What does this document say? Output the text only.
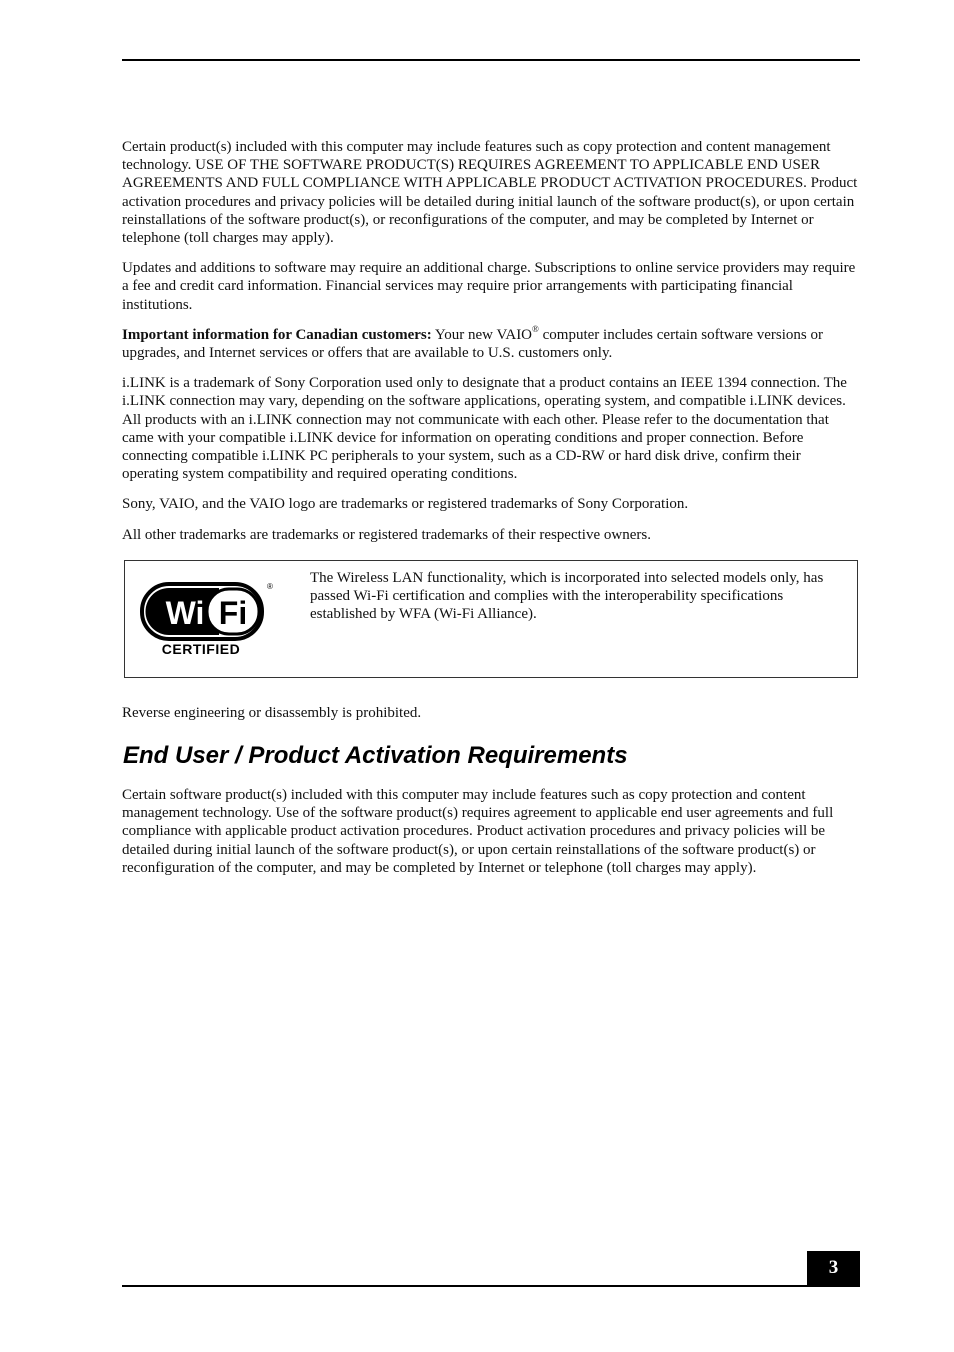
Certain product(s) included with this computer may include features such as copy protection and content management technology. USE OF THE SOFTWARE PRODUCT(S) REQUIRES AGREEMENT TO APPLICABLE END USER AGREEMENTS AND FULL COMPLIANCE WITH APPLICABLE PRODUCT ACTIVATION PROCEDURES. Product activation procedures and privacy policies will be detailed during initial launch of the software product(s), or upon certain reinstallations of the software product(s), or reconfigurations of the computer, and may be completed by Internet or telephone (toll charges may apply).

Updates and additions to software may require an additional charge. Subscriptions to online service providers may require a fee and credit card information. Financial services may require prior arrangements with participating financial institutions.

Important information for Canadian customers: Your new VAIO® computer includes certain software versions or upgrades, and Internet services or offers that are available to U.S. customers only.

i.LINK is a trademark of Sony Corporation used only to designate that a product contains an IEEE 1394 connection. The i.LINK connection may vary, depending on the software applications, operating system, and compatible i.LINK devices. All products with an i.LINK connection may not communicate with each other. Please refer to the documentation that came with your compatible i.LINK device for information on operating conditions and proper connection. Before connecting compatible i.LINK PC peripherals to your system, such as a CD-RW or hard disk drive, confirm their operating system compatibility and required operating conditions.

Sony, VAIO, and the VAIO logo are trademarks or registered trademarks of Sony Corporation.

All other trademarks are trademarks or registered trademarks of their respective owners.

Wi Fi
®
CERTIFIED
The Wireless LAN functionality, which is incorporated into selected models only, has passed Wi-Fi certification and complies with the interoperability specifications established by WFA (Wi-Fi Alliance).

Reverse engineering or disassembly is prohibited.

End User / Product Activation Requirements

Certain software product(s) included with this computer may include features such as copy protection and content management technology. Use of the software product(s) requires agreement to applicable end user agreements and full compliance with applicable product activation procedures. Product activation procedures and privacy policies will be detailed during initial launch of the software product(s), or upon certain reinstallations of the software product(s) or reconfiguration of the computer, and may be completed by Internet or telephone (toll charges may apply).

3
